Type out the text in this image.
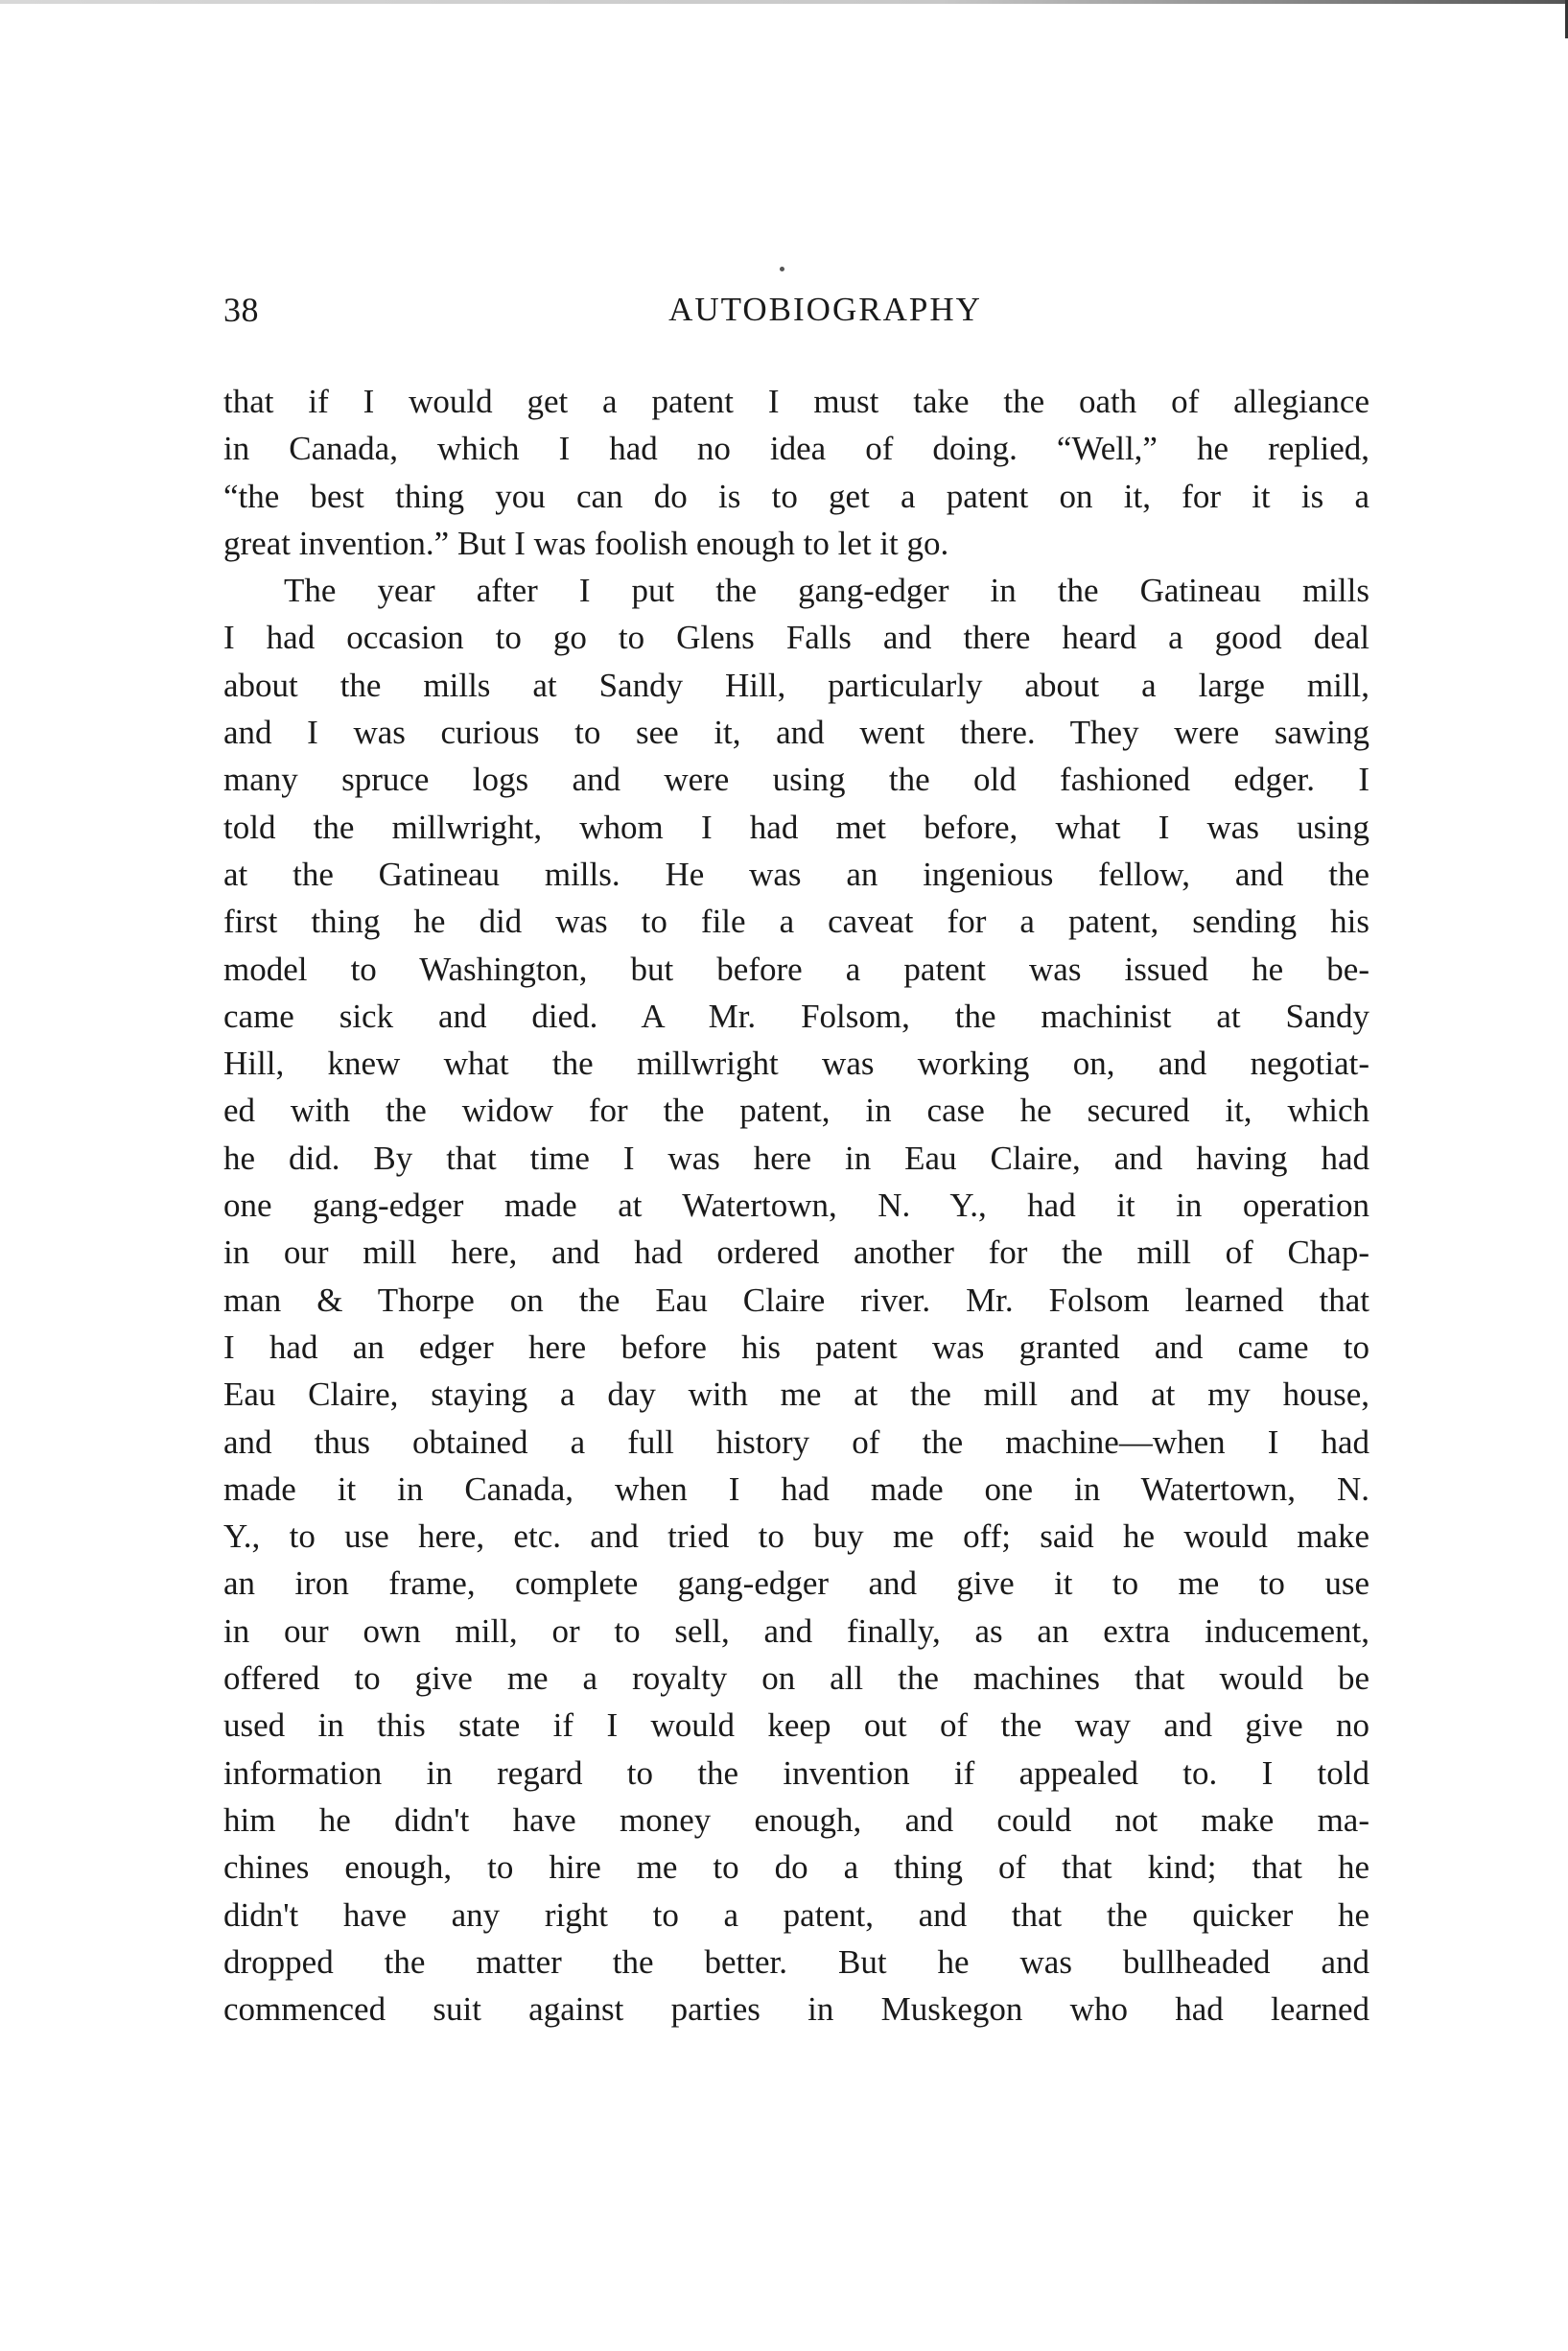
38	AUTOBIOGRAPHY
that if I would get a patent I must take the oath of allegiance
in Canada, which I had no idea of doing. “Well,” he replied,
“the best thing you can do is to get a patent on it, for it is a
great invention.” But I was foolish enough to let it go.
The year after I put the gang-edger in the Gatineau mills
I had occasion to go to Glens Falls and there heard a good deal
about the mills at Sandy Hill, particularly about a large mill,
and I was curious to see it, and went there. They were sawing
many spruce logs and were using the old fashioned edger. I
told the millwright, whom I had met before, what I was using
at the Gatineau mills. He was an ingenious fellow, and the
first thing he did was to file a caveat for a patent, sending his
model to Washington, but before a patent was issued he be-
came sick and died. A Mr. Folsom, the machinist at Sandy
Hill, knew what the millwright was working on, and negotiat-
ed with the widow for the patent, in case he secured it, which
he did. By that time I was here in Eau Claire, and having had
one gang-edger made at Watertown, N. Y., had it in operation
in our mill here, and had ordered another for the mill of Chap-
man & Thorpe on the Eau Claire river. Mr. Folsom learned that
I had an edger here before his patent was granted and came to
Eau Claire, staying a day with me at the mill and at my house,
and thus obtained a full history of the machine—when I had
made it in Canada, when I had made one in Watertown, N.
Y., to use here, etc. and tried to buy me off; said he would make
an iron frame, complete gang-edger and give it to me to use
in our own mill, or to sell, and finally, as an extra inducement,
offered to give me a royalty on all the machines that would be
used in this state if I would keep out of the way and give no
information in regard to the invention if appealed to. I told
him he didn't have money enough, and could not make ma-
chines enough, to hire me to do a thing of that kind; that he
didn't have any right to a patent, and that the quicker he
dropped the matter the better. But he was bullheaded and
commenced suit against parties in Muskegon who had learned
